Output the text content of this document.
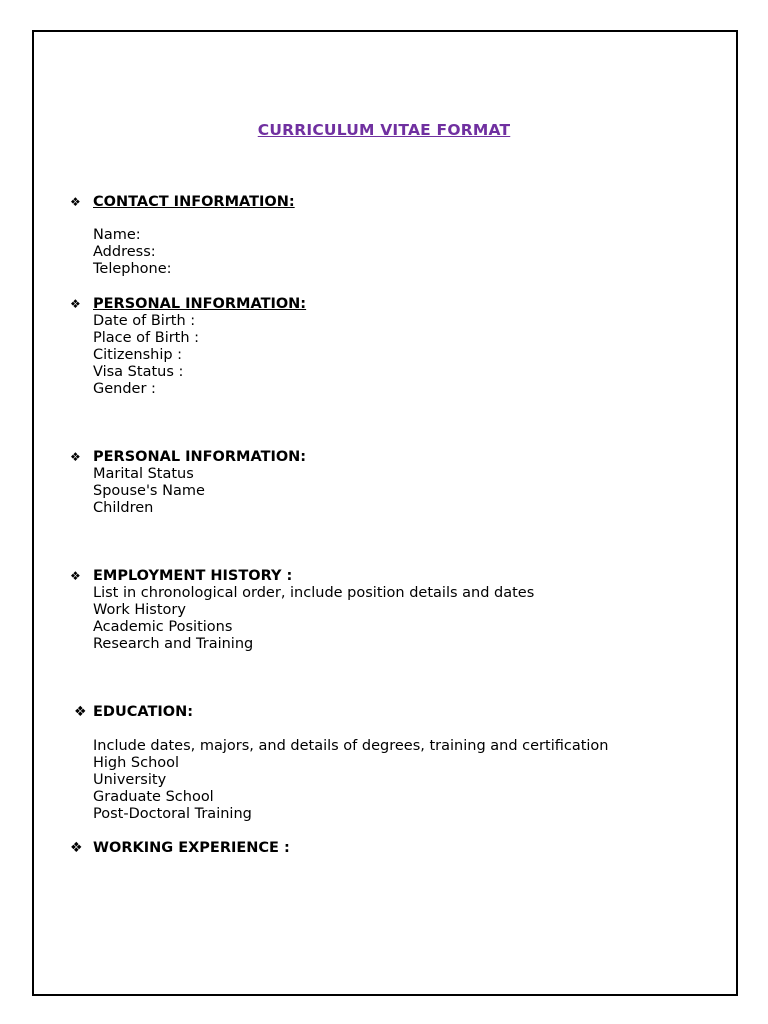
CURRICULUM VITAE FORMAT
❖ CONTACT INFORMATION:
Name:
Address:
Telephone:
❖ PERSONAL INFORMATION:
Date of Birth :
Place of Birth :
Citizenship :
Visa Status :
Gender :
❖ PERSONAL INFORMATION:
Marital Status
Spouse's Name
Children
❖ EMPLOYMENT HISTORY :
List in chronological order, include position details and dates
Work History
Academic Positions
Research and Training
❖ EDUCATION:
Include dates, majors, and details of degrees, training and certification
High School
University
Graduate School
Post-Doctoral Training
❖ WORKING EXPERIENCE :
